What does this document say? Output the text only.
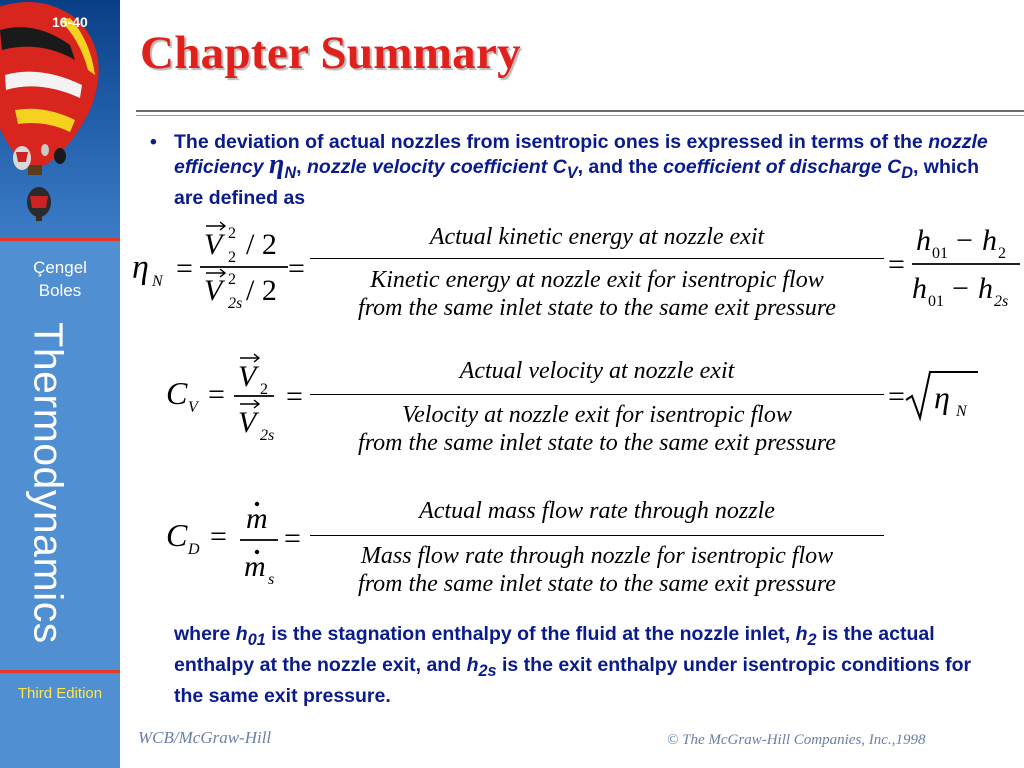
16-40
Çengel
Boles
Thermodynamics
Third Edition
Chapter Summary
• The deviation of actual nozzles from isentropic ones is expressed in terms of the nozzle efficiency $\eta_N$, nozzle velocity coefficient $C_V$, and the coefficient of discharge $C_D$, which are defined as
η N =
V 2
2 / 2
V 2
2s / 2
=
Actual kinetic energy at nozzle exit
Kinetic energy at nozzle exit for isentropic flow
from the same inlet state to the same exit pressure
=
h 01 − h 2
h 01 − h 2s
C V =
V 2
V 2s
=
Actual velocity at nozzle exit
Velocity at nozzle exit for isentropic flow
from the same inlet state to the same exit pressure
= η N
C D =
m
m s
=
Actual mass flow rate through nozzle
Mass flow rate through nozzle for isentropic flow
from the same inlet state to the same exit pressure
where $h_{01}$ is the stagnation enthalpy of the fluid at the nozzle inlet, $h_2$ is the actual enthalpy at the nozzle exit, and $h_{2s}$ is the exit enthalpy under isentropic conditions for the same exit pressure.
WCB/McGraw-Hill	© The McGraw-Hill Companies, Inc.,1998
